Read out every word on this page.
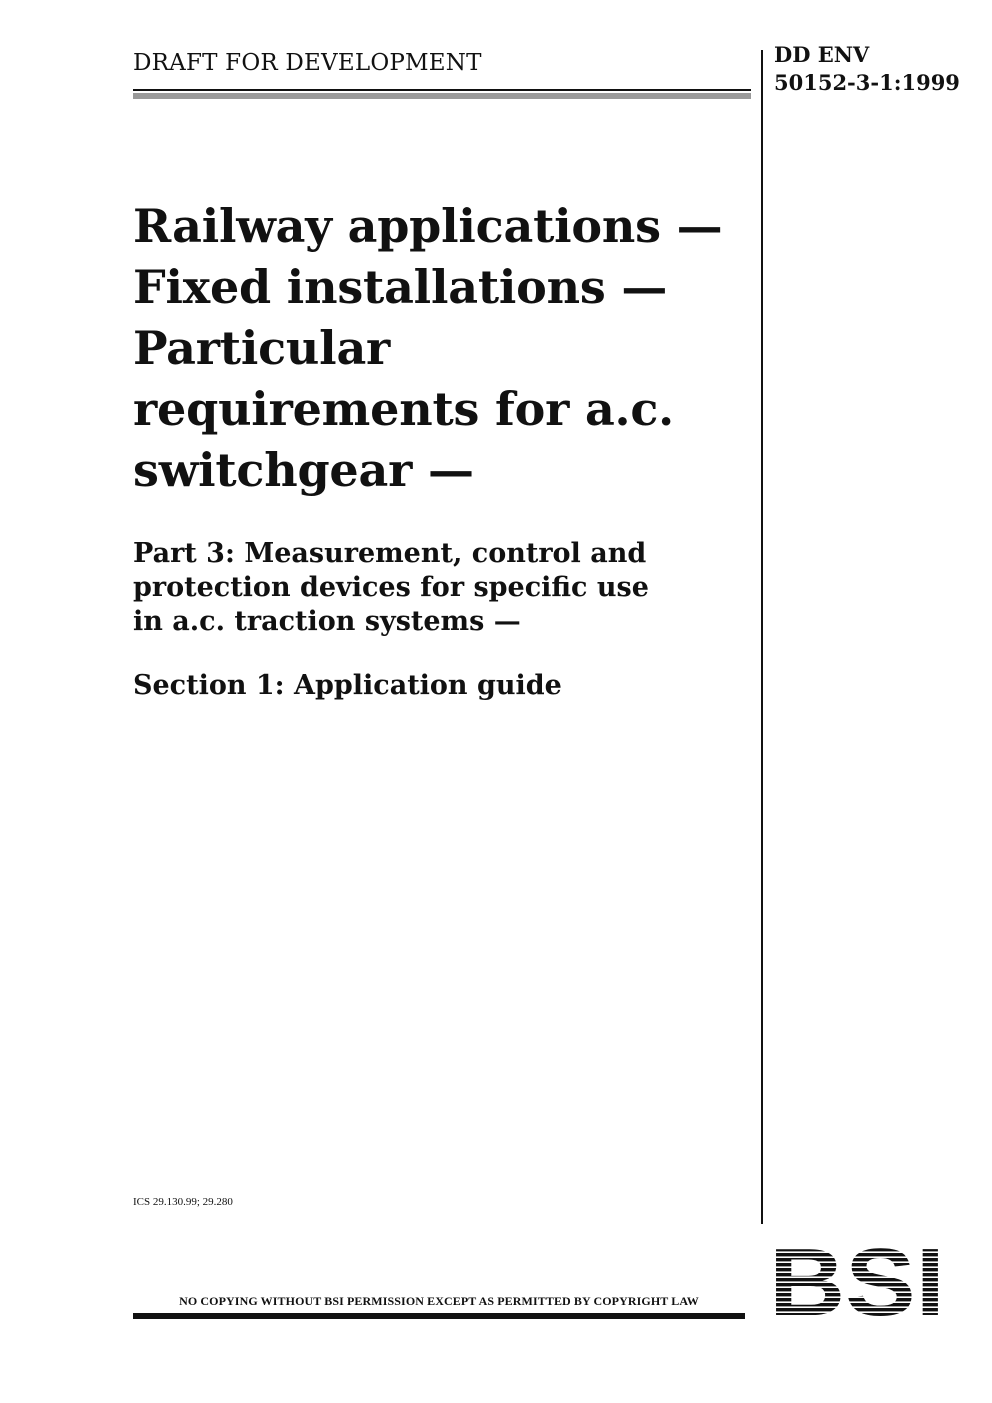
DRAFT FOR DEVELOPMENT	DD ENV
50152-3-1:1999
Railway applications —
Fixed installations —
Particular
requirements for a.c.
switchgear —
Part 3: Measurement, control and
protection devices for specific use
in a.c. traction systems —
Section 1: Application guide
ICS 29.130.99; 29.280
NO COPYING WITHOUT BSI PERMISSION EXCEPT AS PERMITTED BY COPYRIGHT LAW
